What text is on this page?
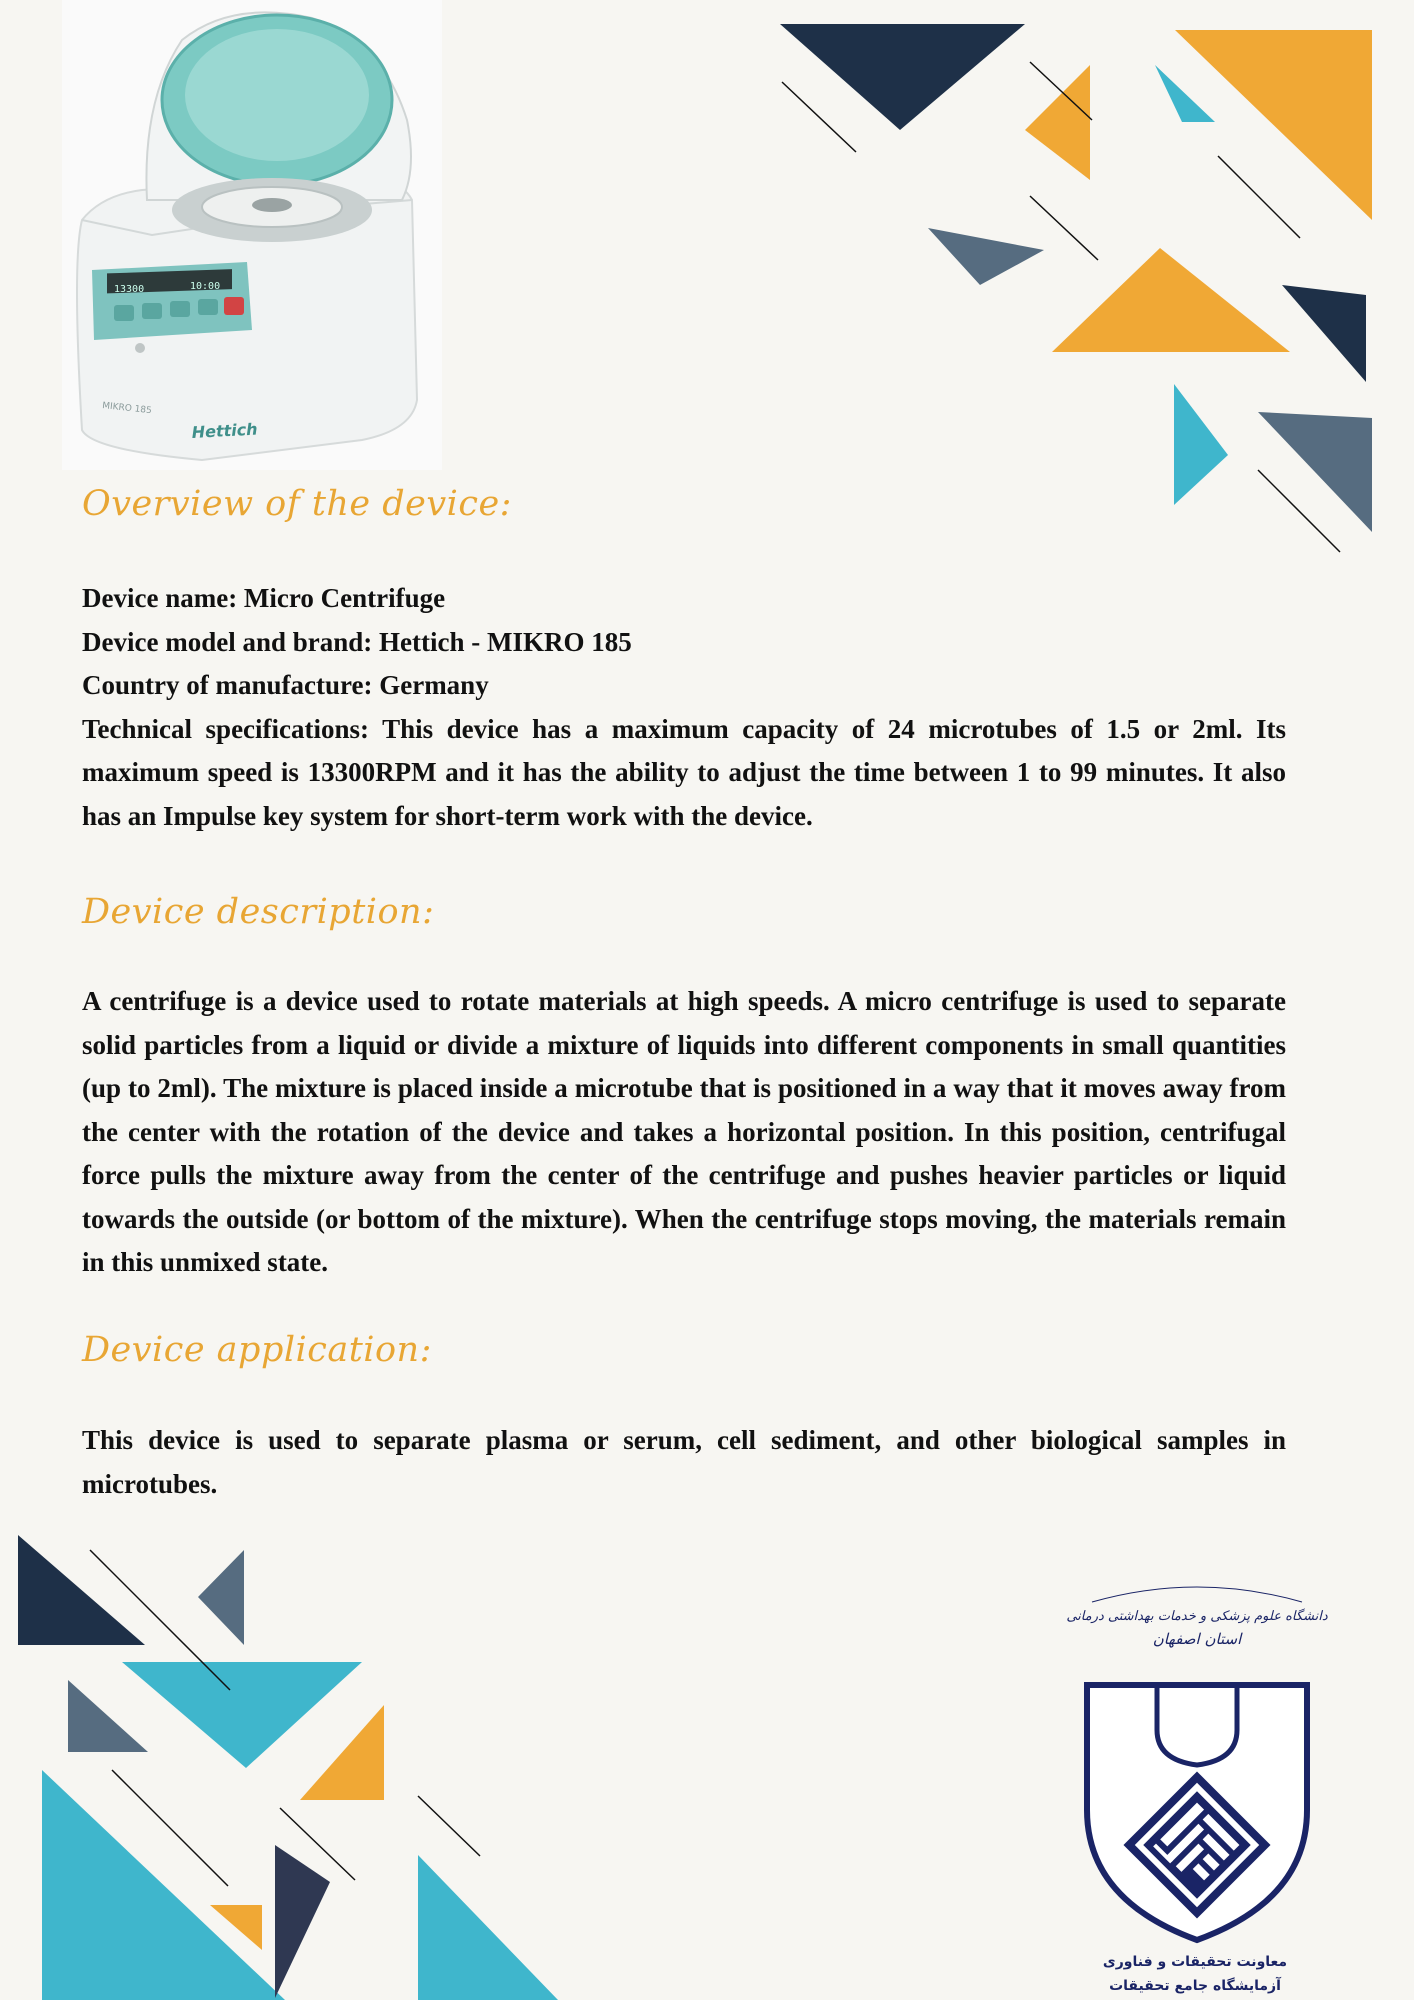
13300	10:00
MIKRO 185
Hettich
Overview of the device:

Device name: Micro Centrifuge

Device model and brand: Hettich - MIKRO 185

Country of manufacture: Germany

Technical specifications: This device has a maximum capacity of 24 microtubes of 1.5 or 2ml. Its maximum speed is 13300RPM and it has the ability to adjust the time between 1 to 99 minutes. It also has an Impulse key system for short-term work with the device.

Device description:

A centrifuge is a device used to rotate materials at high speeds. A micro centrifuge is used to separate solid particles from a liquid or divide a mixture of liquids into different components in small quantities (up to 2ml). The mixture is placed inside a microtube that is positioned in a way that it moves away from the center with the rotation of the device and takes a horizontal position. In this position, centrifugal force pulls the mixture away from the center of the centrifuge and pushes heavier particles or liquid towards the outside (or bottom of the mixture). When the centrifuge stops moving, the materials remain in this unmixed state.

Device application:

This device is used to separate plasma or serum, cell sediment, and other biological samples in microtubes.

دانشگاه علوم پزشکی و خدمات بهداشتی درمانی
استان اصفهان
معاونت تحقیقات و فناوری
آزمایشگاه جامع تحقیقات
